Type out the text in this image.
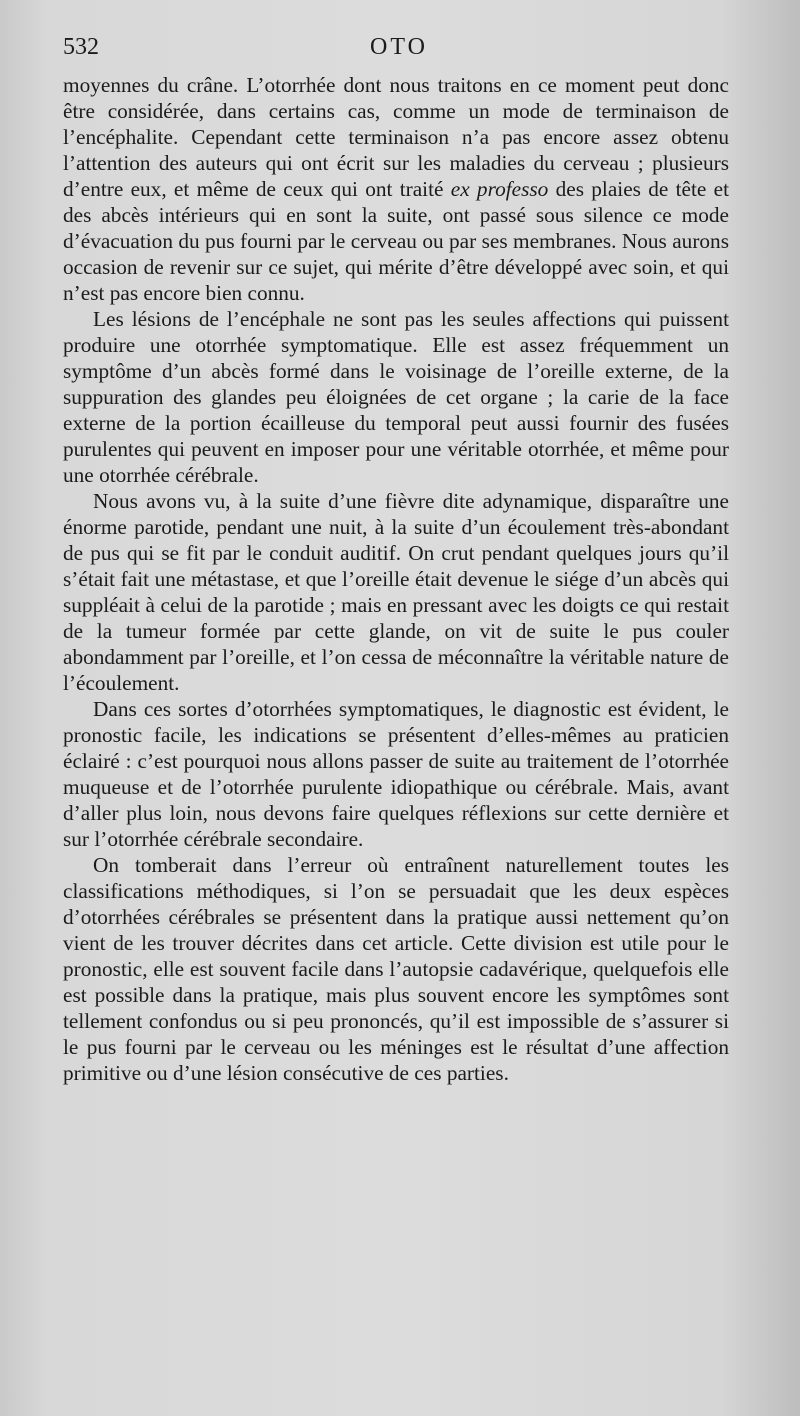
532	OTO

moyennes du crâne. L’otorrhée dont nous traitons en ce moment peut donc être considérée, dans certains cas, comme un mode de terminaison de l’encéphalite. Cependant cette terminaison n’a pas encore assez obtenu l’attention des auteurs qui ont écrit sur les maladies du cerveau ; plusieurs d’entre eux, et même de ceux qui ont traité ex professo des plaies de tête et des abcès intérieurs qui en sont la suite, ont passé sous silence ce mode d’évacuation du pus fourni par le cerveau ou par ses membranes. Nous aurons occasion de revenir sur ce sujet, qui mérite d’être développé avec soin, et qui n’est pas encore bien connu.

Les lésions de l’encéphale ne sont pas les seules affections qui puissent produire une otorrhée symptomatique. Elle est assez fréquemment un symptôme d’un abcès formé dans le voisinage de l’oreille externe, de la suppuration des glandes peu éloignées de cet organe ; la carie de la face externe de la portion écailleuse du temporal peut aussi fournir des fusées purulentes qui peuvent en imposer pour une véritable otorrhée, et même pour une otorrhée cérébrale.

Nous avons vu, à la suite d’une fièvre dite adynamique, disparaître une énorme parotide, pendant une nuit, à la suite d’un écoulement très-abondant de pus qui se fit par le conduit auditif. On crut pendant quelques jours qu’il s’était fait une métastase, et que l’oreille était devenue le siége d’un abcès qui suppléait à celui de la parotide ; mais en pressant avec les doigts ce qui restait de la tumeur formée par cette glande, on vit de suite le pus couler abondamment par l’oreille, et l’on cessa de méconnaître la véritable nature de l’écoulement.

Dans ces sortes d’otorrhées symptomatiques, le diagnostic est évident, le pronostic facile, les indications se présentent d’elles-mêmes au praticien éclairé : c’est pourquoi nous allons passer de suite au traitement de l’otorrhée muqueuse et de l’otorrhée purulente idiopathique ou cérébrale. Mais, avant d’aller plus loin, nous devons faire quelques réflexions sur cette dernière et sur l’otorrhée cérébrale secondaire.

On tomberait dans l’erreur où entraînent naturellement toutes les classifications méthodiques, si l’on se persuadait que les deux espèces d’otorrhées cérébrales se présentent dans la pratique aussi nettement qu’on vient de les trouver décrites dans cet article. Cette division est utile pour le pronostic, elle est souvent facile dans l’autopsie cadavérique, quelquefois elle est possible dans la pratique, mais plus souvent encore les symptômes sont tellement confondus ou si peu prononcés, qu’il est impossible de s’assurer si le pus fourni par le cerveau ou les méninges est le résultat d’une affection primitive ou d’une lésion consécutive de ces parties.
